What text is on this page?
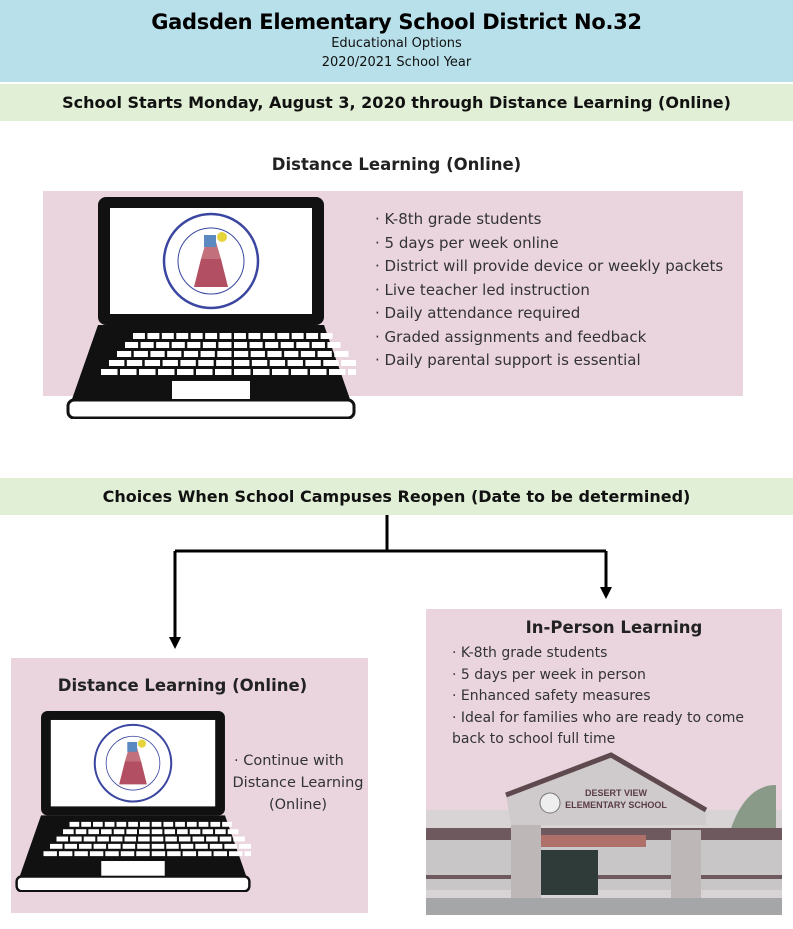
Gadsden Elementary School District No.32
Educational Options
2020/2021 School Year
School Starts Monday, August 3, 2020 through Distance Learning (Online)
Distance Learning (Online)
· K-8th grade students
· 5 days per week online
· District will provide device or weekly packets
· Live teacher led instruction
· Daily attendance required
· Graded assignments and feedback
· Daily parental support is essential
Choices When School Campuses Reopen (Date to be determined)
Distance Learning (Online)
· Continue with
Distance Learning
(Online)
In-Person Learning
· K-8th grade students
· 5 days per week in person
· Enhanced safety measures
· Ideal for families who are ready to come
back to school full time
DESERT VIEW
ELEMENTARY SCHOOL
